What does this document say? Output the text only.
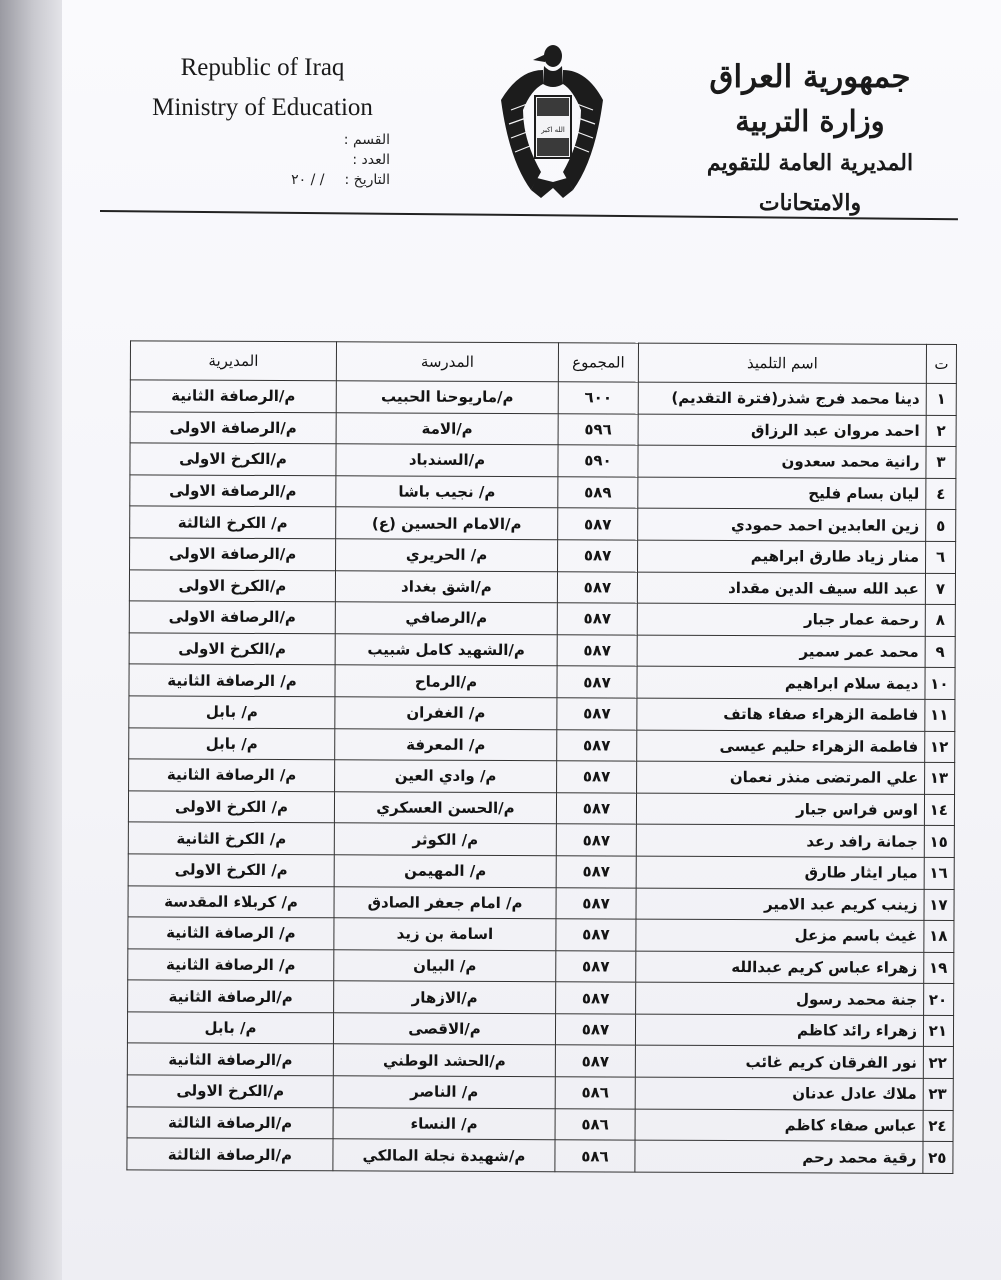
Republic of Iraq
Ministry of Education
القسم :
العدد :
التاريخ :
/ / ٢٠
الله اكبر
جمهورية العراق
وزارة التربية
المديرية العامة للتقويم والامتحانات
ت	اسم التلميذ	المجموع	المدرسة	المديرية
١	دينا محمد فرج شذر(فترة التقديم)	٦٠٠	م/ماريوحنا الحبيب	م/الرصافة الثانية
٢	احمد مروان عبد الرزاق	٥٩٦	م/الامة	م/الرصافة الاولى
٣	رانية محمد سعدون	٥٩٠	م/السندباد	م/الكرخ الاولى
٤	ليان بسام فليح	٥٨٩	م/ نجيب باشا	م/الرصافة الاولى
٥	زين العابدين احمد حمودي	٥٨٧	م/الامام الحسين (ع)	م/ الكرخ الثالثة
٦	منار زياد طارق ابراهيم	٥٨٧	م/ الحريري	م/الرصافة الاولى
٧	عبد الله سيف الدين مقداد	٥٨٧	م/اشق بغداد	م/الكرخ الاولى
٨	رحمة عمار جبار	٥٨٧	م/الرصافي	م/الرصافة الاولى
٩	محمد عمر سمير	٥٨٧	م/الشهيد كامل شبيب	م/الكرخ الاولى
١٠	ديمة سلام ابراهيم	٥٨٧	م/الرماح	م/ الرصافة الثانية
١١	فاطمة الزهراء صفاء هاتف	٥٨٧	م/ الغفران	م/ بابل
١٢	فاطمة الزهراء حليم عيسى	٥٨٧	م/ المعرفة	م/ بابل
١٣	علي المرتضى منذر نعمان	٥٨٧	م/ وادي العين	م/ الرصافة الثانية
١٤	اوس فراس جبار	٥٨٧	م/الحسن العسكري	م/ الكرخ الاولى
١٥	جمانة رافد رعد	٥٨٧	م/ الكوثر	م/ الكرخ الثانية
١٦	ميار ايثار طارق	٥٨٧	م/ المهيمن	م/ الكرخ الاولى
١٧	زينب كريم عبد الامير	٥٨٧	م/ امام جعفر الصادق	م/ كربلاء المقدسة
١٨	غيث باسم مزعل	٥٨٧	اسامة بن زيد	م/ الرصافة الثانية
١٩	زهراء عباس كريم عبدالله	٥٨٧	م/ البيان	م/ الرصافة الثانية
٢٠	جنة محمد رسول	٥٨٧	م/الازهار	م/الرصافة الثانية
٢١	زهراء رائد كاظم	٥٨٧	م/الاقصى	م/ بابل
٢٢	نور الفرقان كريم غائب	٥٨٧	م/الحشد الوطني	م/الرصافة الثانية
٢٣	ملاك عادل عدنان	٥٨٦	م/ الناصر	م/الكرخ الاولى
٢٤	عباس صفاء كاظم	٥٨٦	م/ النساء	م/الرصافة الثالثة
٢٥	رقية محمد رحم	٥٨٦	م/شهيدة نجلة المالكي	م/الرصافة الثالثة
